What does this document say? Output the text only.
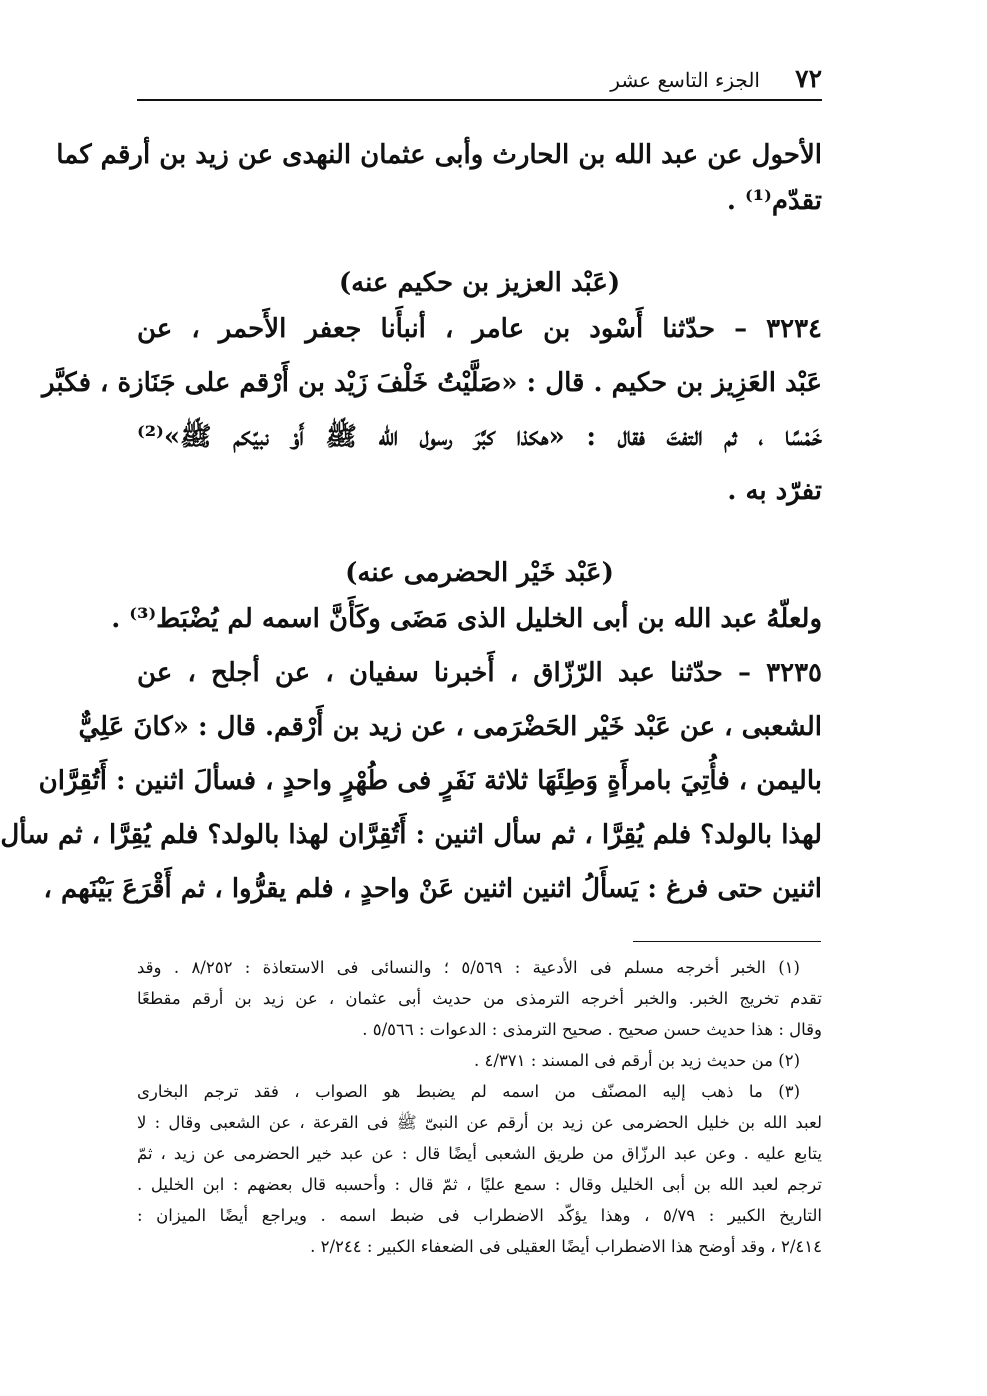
٧٢
الجزء التاسع عشر
الأحول عن عبد الله بن الحارث وأبى عثمان النهدى عن زيد بن أرقم كما
تقدّم⁽¹⁾ .
(عَبْد العزيز بن حكيم عنه)
٣٢٣٤ – حدّثنا أَسْود بن عامر ، أنبأَنا جعفر الأَحمر ، عن
عَبْد العَزِيز بن حكيم . قال : «صَلَّيْتُ خَلْفَ زَيْد بن أَرْقم على جَنَازة ، فكبَّر
خَمْسًا ، ثم التفتَ فقال : «هكذا كبَّرَ رسول الله ﷺ أَوْ نبيّكم ﷺ»⁽²⁾
تفرّد به .
(عَبْد خَيْر الحضرمى عنه)
ولعلّهُ عبد الله بن أبى الخليل الذى مَضَى وكَأَنَّ اسمه لم يُضْبَط⁽³⁾ .
٣٢٣٥ – حدّثنا عبد الرّزّاق ، أَخبرنا سفيان ، عن أجلح ، عن
الشعبى ، عن عَبْد خَيْر الحَضْرَمى ، عن زيد بن أَرْقم. قال : «كانَ عَلِيٌّ
باليمن ، فأُتِيَ بامرأَةٍ وَطِئَهَا ثلاثة نَفَرٍ فى طُهْرٍ واحدٍ ، فسألَ اثنين : أَتُقِرَّان
لهذا بالولد؟ فلم يُقِرَّا ، ثم سأل اثنين : أَتُقِرَّان لهذا بالولد؟ فلم يُقِرَّا ، ثم سأل
اثنين حتى فرغ : يَسأَلُ اثنين اثنين عَنْ واحدٍ ، فلم يقرُّوا ، ثم أَقْرَعَ بَيْنَهم ،
(١) الخبر أخرجه مسلم فى الأدعية : ٥/٥٦٩ ؛ والنسائى فى الاستعاذة : ٨/٢٥٢ . وقد
تقدم تخريج الخبر. والخبر أخرجه الترمذى من حديث أبى عثمان ، عن زيد بن أرقم مقطعًا
وقال : هذا حديث حسن صحيح . صحيح الترمذى : الدعوات : ٥/٥٦٦ .
(٢) من حديث زيد بن أرقم فى المسند : ٤/٣٧١ .
(٣) ما ذهب إليه المصنّف من اسمه لم يضبط هو الصواب ، فقد ترجم البخارى
لعبد الله بن خليل الحضرمى عن زيد بن أرقم عن النبىّ ﷺ فى القرعة ، عن الشعبى وقال : لا
يتابع عليه . وعن عبد الرزّاق من طريق الشعبى أيضًا قال : عن عبد خير الحضرمى عن زيد ، ثمّ
ترجم لعبد الله بن أبى الخليل وقال : سمع عليًا ، ثمّ قال : وأحسبه قال بعضهم : ابن الخليل .
التاريخ الكبير : ٥/٧٩ ، وهذا يؤكّد الاضطراب فى ضبط اسمه . ويراجع أيضًا الميزان :
٢/٤١٤ ، وقد أوضح هذا الاضطراب أيضًا العقيلى فى الضعفاء الكبير : ٢/٢٤٤ .
